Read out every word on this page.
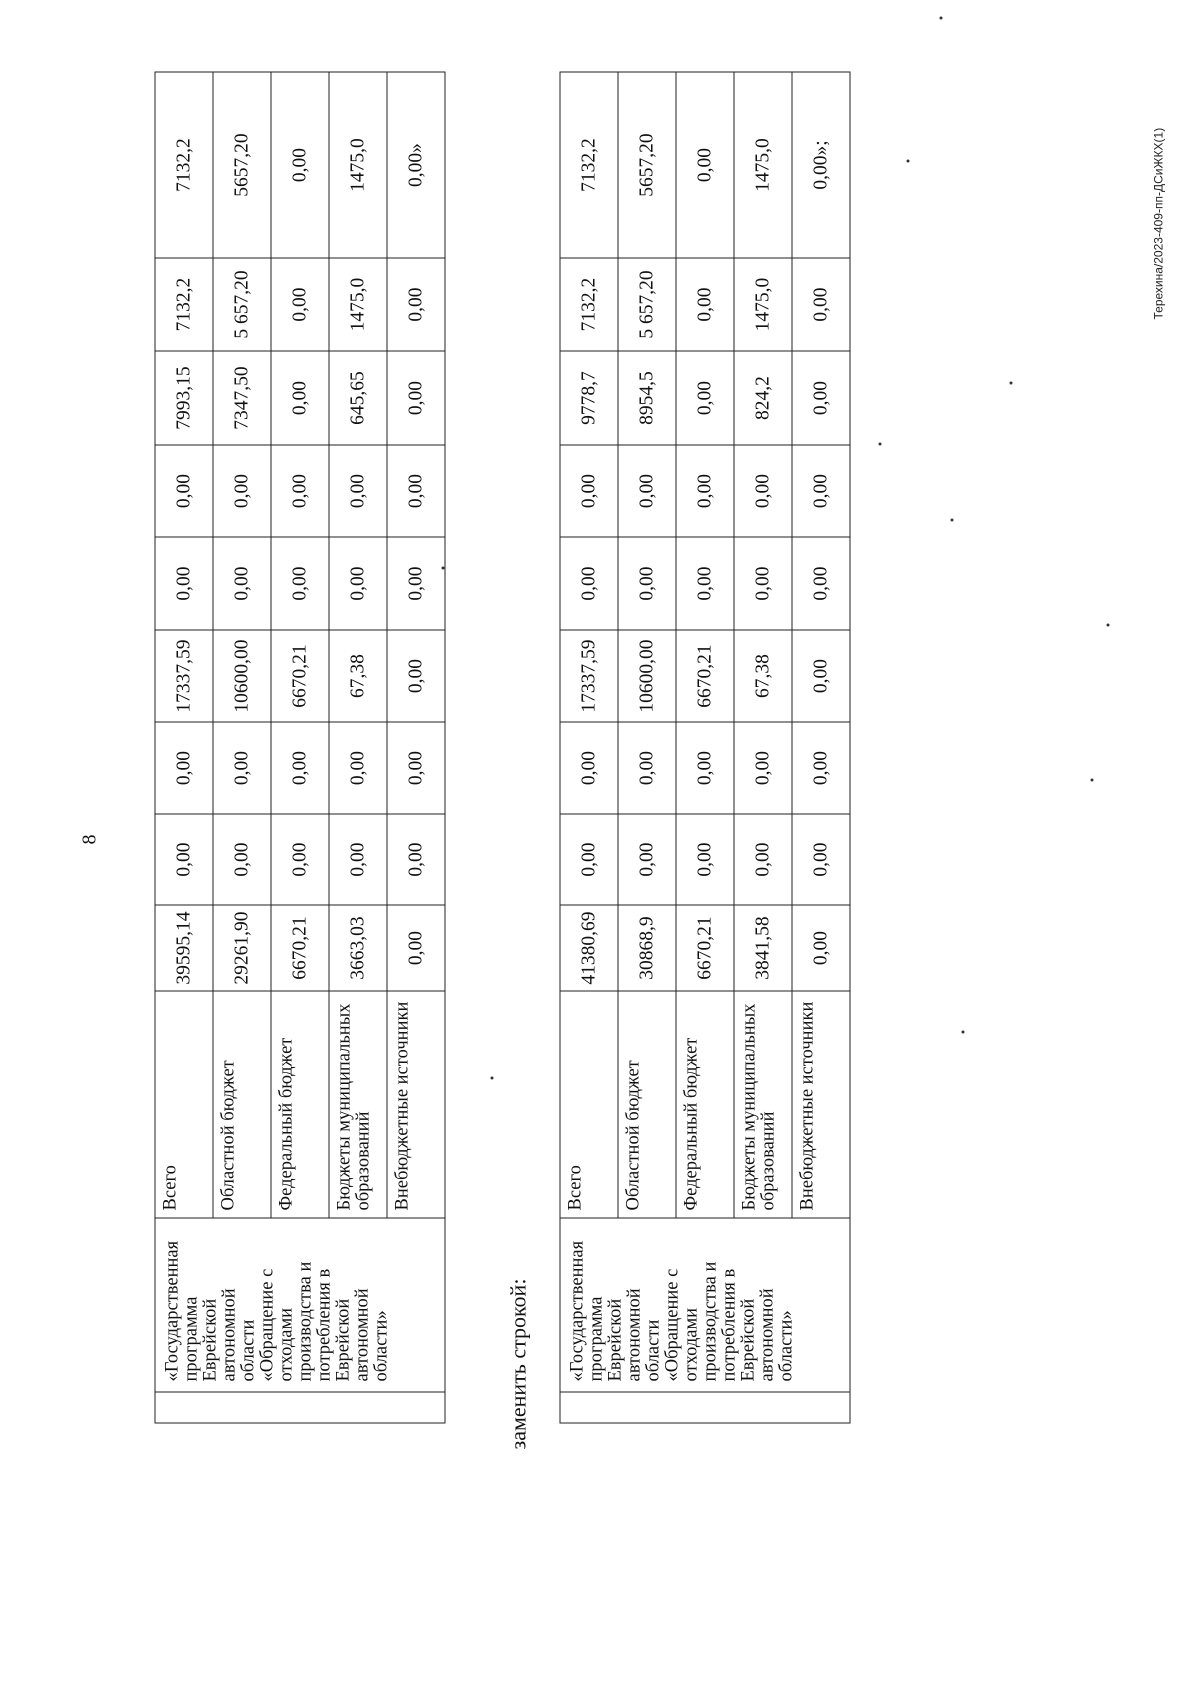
8
	«Государственная программа Еврейской автономной области «Обращение с отходами производства и потребления в Еврейской автономной области»	Всего	39595,14	0,00	0,00	17337,59	0,00	0,00	7993,15	7132,2	7132,2
		Областной бюджет	29261,90	0,00	0,00	10600,00	0,00	0,00	7347,50	5 657,20	5657,20
		Федеральный бюджет	6670,21	0,00	0,00	6670,21	0,00	0,00	0,00	0,00	0,00
		Бюджеты муниципальных образований	3663,03	0,00	0,00	67,38	0,00	0,00	645,65	1475,0	1475,0
		Внебюджетные источники	0,00	0,00	0,00	0,00	0,00	0,00	0,00	0,00	0,00»
заменить строкой:
	«Государственная программа Еврейской автономной области «Обращение с отходами производства и потребления в Еврейской автономной области»	Всего	41380,69	0,00	0,00	17337,59	0,00	0,00	9778,7	7132,2	7132,2
		Областной бюджет	30868,9	0,00	0,00	10600,00	0,00	0,00	8954,5	5 657,20	5657,20
		Федеральный бюджет	6670,21	0,00	0,00	6670,21	0,00	0,00	0,00	0,00	0,00
		Бюджеты муниципальных образований	3841,58	0,00	0,00	67,38	0,00	0,00	824,2	1475,0	1475,0
		Внебюджетные источники	0,00	0,00	0,00	0,00	0,00	0,00	0,00	0,00	0,00»;	Терехина/2023-409-пп-ДСиЖКХ(1)
